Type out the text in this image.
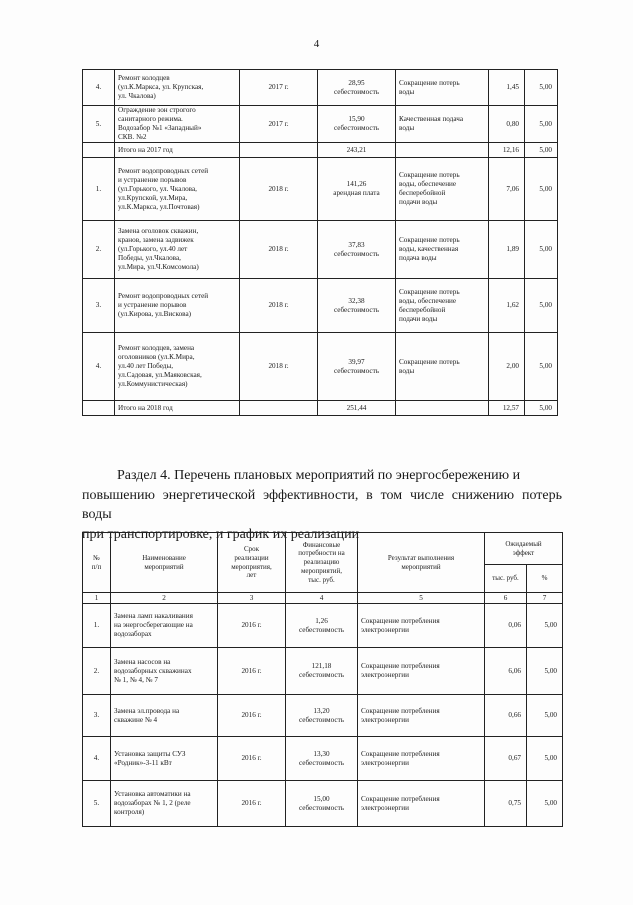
4
4.	Ремонт колодцев
(ул.К.Маркса, ул. Крупская,
ул. Чкалова)	2017 г.	28,95
себестоимость	Сокращение потерь
воды	1,45	5,00
5.	Ограждение зон строгого
санитарного режима.
Водозабор №1 «Западный»
СКВ. №2	2017 г.	15,90
себестоимость	Качественная подача
воды	0,80	5,00
	Итого на 2017 год		243,21		12,16	5,00
1.	Ремонт водопроводных сетей
и устранение порывов
(ул.Горького, ул. Чкалова,
ул.Крупской, ул.Мира,
ул.К.Маркса, ул.Почтовая)	2018 г.	141,26
арендная плата	Сокращение потерь
воды, обеспечение
бесперебойной
подачи воды	7,06	5,00
2.	Замена оголовок скважин,
кранов, замена задвижек
(ул.Горького, ул.40 лет
Победы, ул.Чкалова,
ул.Мира, ул.Ч.Комсомола)	2018 г.	37,83
себестоимость	Сокращение потерь
воды, качественная
подача воды	1,89	5,00
3.	Ремонт водопроводных сетей
и устранение порывов
(ул.Кирова, ул.Вискова)	2018 г.	32,38
себестоимость	Сокращение потерь
воды, обеспечение
бесперебойной
подачи воды	1,62	5,00
4.	Ремонт колодцев, замена
оголовников (ул.К.Мира,
ул.40 лет Победы,
ул.Садовая, ул.Маяковская,
ул.Коммунистическая)	2018 г.	39,97
себестоимость	Сокращение потерь
воды	2,00	5,00
	Итого на 2018 год		251,44		12,57	5,00
Раздел 4. Перечень плановых мероприятий по энергосбережению и
повышению энергетической эффективности, в том числе снижению потерь воды
при транспортировке, и график их реализации
№
п/п	Наименование
мероприятий	Срок
реализации
мероприятия,
лет	Финансовые
потребности на
реализацию
мероприятий,
тыс. руб.	Результат выполнения
мероприятий	Ожидаемый
эффект	
					тыс. руб.	%
1	2	3	4	5	6	7
1.	Замена ламп накаливания
на энергосберегающие на
водозаборах	2016 г.	1,26
себестоимость	Сокращение потребления
электроэнергии	0,06	5,00
2.	Замена насосов на
водозаборных скважинах
№ 1, № 4, № 7	2016 г.	121,18
себестоимость	Сокращение потребления
электроэнергии	6,06	5,00
3.	Замена эл.провода на
скважине № 4	2016 г.	13,20
себестоимость	Сокращение потребления
электроэнергии	0,66	5,00
4.	Установка защиты СУЗ
«Родник»-3-11 кВт	2016 г.	13,30
себестоимость	Сокращение потребления
электроэнергии	0,67	5,00
5.	Установка автоматики на
водозаборах № 1, 2 (реле
контроля)	2016 г.	15,00
себестоимость	Сокращение потребления
электроэнергии	0,75	5,00
